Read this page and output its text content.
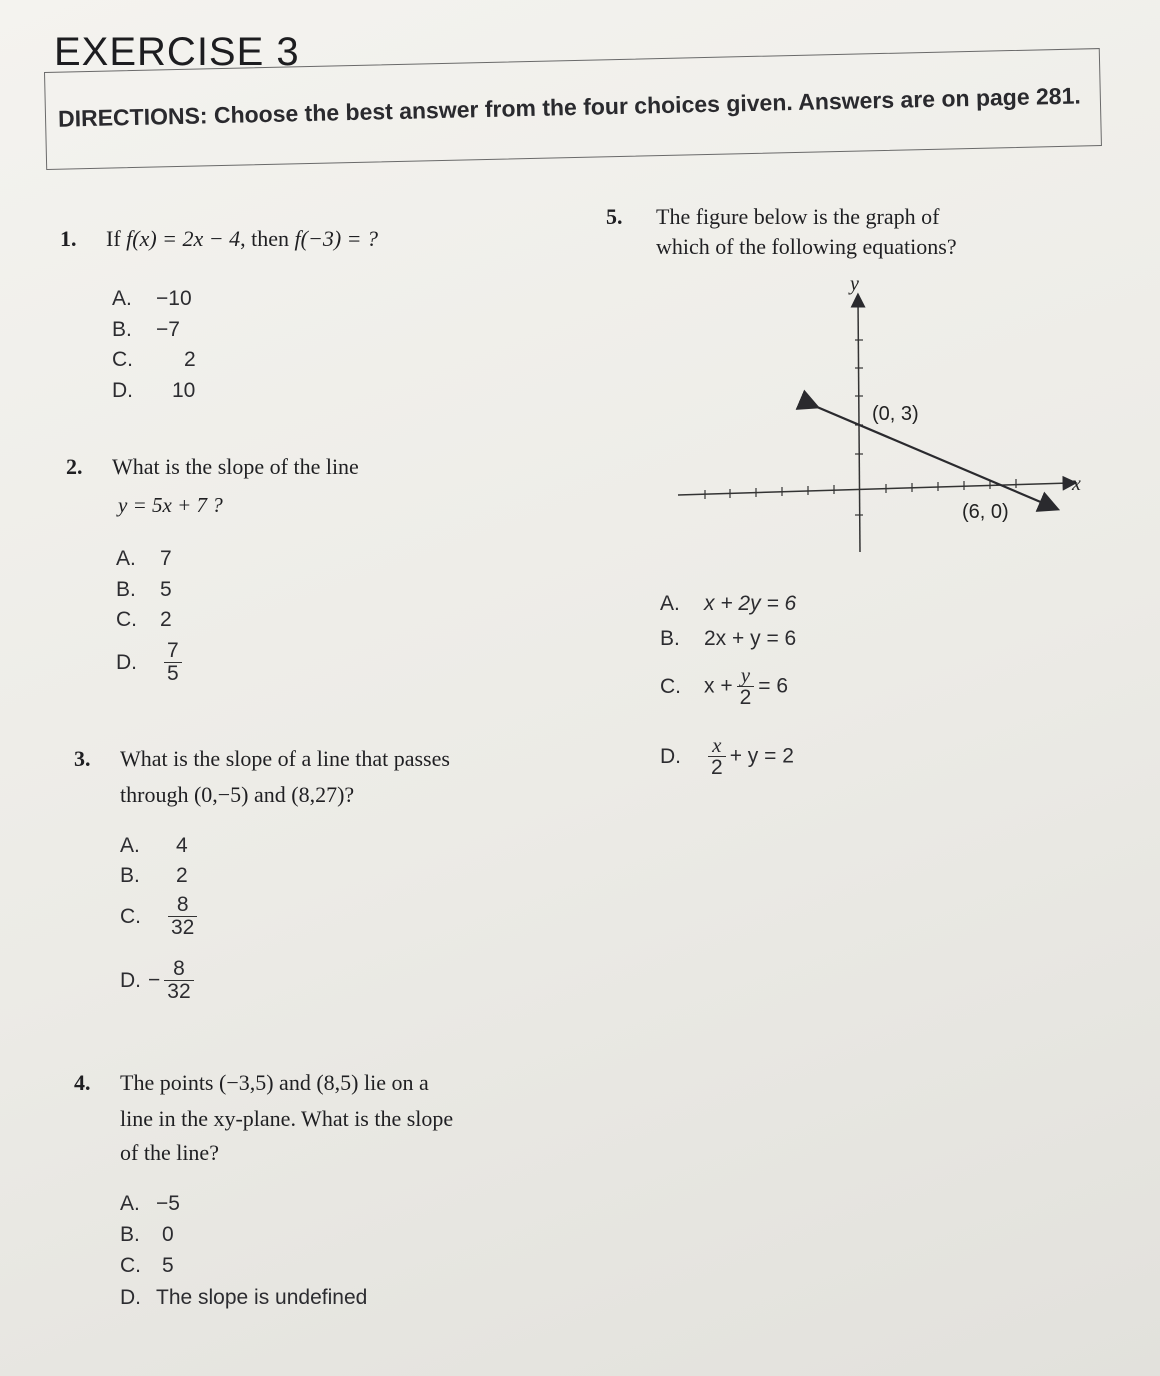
EXERCISE 3
DIRECTIONS: Choose the best answer from the four choices given. Answers are on page 281.
1. If f(x) = 2x − 4, then f(−3) = ?
A. −10
B. −7
C. 2
D. 10
2. What is the slope of the line
y = 5x + 7 ?
A. 7
B. 5
C. 2
D. $\frac{7}{5}$
3. What is the slope of a line that passes
through (0,−5) and (8,27)?
A. 4
B. 2
C. $\frac{8}{32}$
D. − $\frac{8}{32}$
4. The points (−3,5) and (8,5) lie on a
line in the xy-plane. What is the slope
of the line?
A. −5
B. 0
C. 5
D. The slope is undefined
5. The figure below is the graph of
which of the following equations?
y
x
(0, 3)
(6, 0)
A. x + 2y = 6
B. 2x + y = 6
C. $x + \frac{y}{2} = 6$
D. $\frac{x}{2} + y = 2$
